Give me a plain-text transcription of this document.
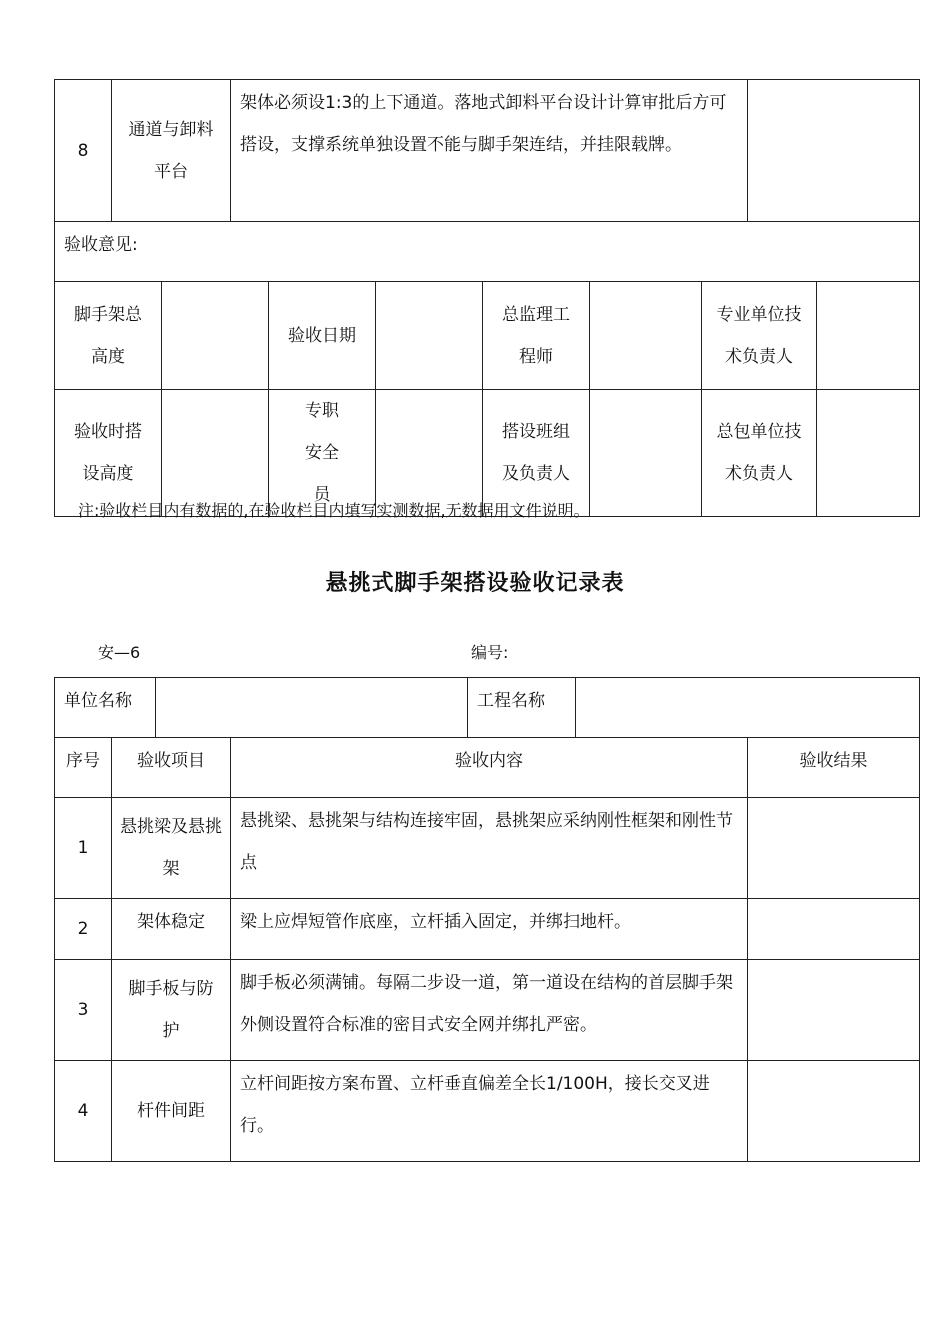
8	通道与卸料平台	架体必须设1:3的上下通道。落地式卸料平台设计计算审批后方可搭设，支撑系统单独设置不能与脚手架连结，并挂限载牌。	
验收意见:							
脚手架总高度		验收日期		总监理工程师		专业单位技术负责人	
验收时搭设高度		专职安全员		搭设班组及负责人		总包单位技术负责人	
注:验收栏目内有数据的,在验收栏目内填写实测数据,无数据用文件说明。
悬挑式脚手架搭设验收记录表
安—6	编号:
单位名称		工程名称	
序号	验收项目	验收内容	验收结果
1	悬挑梁及悬挑架	悬挑梁、悬挑架与结构连接牢固，悬挑架应采纳刚性框架和刚性节点	
2	架体稳定	梁上应焊短管作底座，立杆插入固定，并绑扫地杆。	
3	脚手板与防护	脚手板必须满铺。每隔二步设一道，第一道设在结构的首层脚手架外侧设置符合标准的密目式安全网并绑扎严密。	
4	杆件间距	立杆间距按方案布置、立杆垂直偏差全长1/100H，接长交叉进行。	
